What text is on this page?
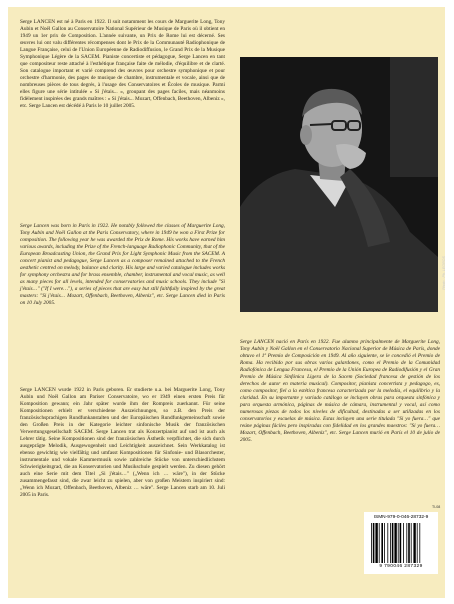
Serge LANCEN est né à Paris en 1922. Il suit notamment les cours de Marguerite Long, Tony Aubin et Noël Gallon au Conservatoire National Supérieur de Musique de Paris où il obtient en 1949 un 1er prix de Composition. L'année suivante, un Prix de Rome lui est décerné. Ses œuvres lui ont valu différentes récompenses dont le Prix de la Communauté Radiophonique de Langue Française, celui de l'Union Européenne de Radiodiffusion, le Grand Prix de la Musique Symphonique Légère de la SACEM. Pianiste concertiste et pédagogue, Serge Lancen en tant que compositeur reste attaché à l'esthétique française faite de mélodie, d'équilibre et de clarté. Son catalogue important et varié comprend des œuvres pour orchestre symphonique et pour orchestre d'harmonie, des pages de musique de chambre, instrumentale et vocale, ainsi que de nombreuses pièces de tous degrés, à l'usage des Conservatoires et Écoles de musique. Parmi elles figure une série intitulée « Si j'étais... », groupant des pages faciles, mais néanmoins fidèlement inspirées des grands maîtres : « Si j'étais... Mozart, Offenbach, Beethoven, Albeniz », etc. Serge Lancen est décédé à Paris le 10 juillet 2005.

Serge Lancen was born in Paris in 1922. He notably followed the classes of Marguerite Long, Tony Aubin and Noël Gallon at the Paris Conservatory, where in 1949 he won a First Prize for composition. The following year he was awarded the Prix de Rome. His works have earned him various awards, including the Prize of the French-language Radiophonic Community, that of the European Broadcasting Union, the Grand Prix for Light Symphonic Music from the SACEM. A concert pianist and pedagogue, Serge Lancen as a composer remained attached to the French aesthetic centred on melody, balance and clarity. His large and varied catalogue includes works for symphony orchestra and for brass ensemble, chamber, instrumental and vocal music, as well as many pieces for all levels, intended for conservatories and music schools. They include "Si j'étais…" ("If I were…"), a series of pieces that are easy but still faithfully inspired by the great masters: "Si j'étais… Mozart, Offenbach, Beethoven, Albeniz", etc. Serge Lancen died in Paris on 10 July 2005.

Serge LANCEN wurde 1922 in Paris geboren. Er studierte u.a. bei Marguerite Long, Tony Aubin und Noël Gallon am Pariser Conservatoire, wo er 1949 einen ersten Preis für Komposition gewann; ein Jahr später wurde ihm der Rompreis zuerkannt. Für seine Kompositionen erhielt er verschiedene Auszeichnungen, so z.B. den Preis der französischsprachigen Rundfunkanstalten und der Europäischen Rundfunkgemeinschaft sowie den Großen Preis in der Kategorie leichter sinfonische Musik der französischen Verwertungsgesellschaft SACEM. Serge Lancen trat als Konzertpianist auf und ist auch als Lehrer tätig. Seine Kompositionen sind der französischen Ästhetik verpflichtet, die sich durch ausgeprägte Melodik, Ausgewogenheit und Leichtigkeit auszeichnet. Sein Werkkatalog ist ebenso gewichtig wie vielfältig und umfasst Kompositionen für Sinfonie- und Blasorchester, instrumentale und vokale Kammermusik sowie zahlreiche Stücke von unterschiedlichstem Schwierigkeitsgrad, die an Konservatorien und Musikschule gespielt werden. Zu diesen gehört auch eine Serie mit dem Titel „Si j'étais…" („Wenn ich … wäre"), in der Stücke zusammengefasst sind, die zwar leicht zu spielen, aber von großen Meistern inspiriert sind: „Wenn ich Mozart, Offenbach, Beethoven, Albeniz … wäre". Serge Lancen starb am 10. Juli 2005 in Paris.

Photo : Ph. LEGROS

Serge LANCEN nació en París en 1922. Fue alumno principalmente de Marguerite Long, Tony Aubin y Noël Gallon en el Conservatorio Nacional Superior de Música de París, donde obtuvo el 1º Premio de Composición en 1949. Al año siguiente, se le concedió el Premio de Roma. Ha recibido por sus obras varios galardones, como el Premio de la Comunidad Radiofónica de Lengua Francesa, el Premio de la Unión Europea de Radiodifusión y el Gran Premio de Música Sinfónica Ligera de la Sacem (Sociedad francesa de gestión de los derechos de autor en materia musical). Compositor, pianista concertista y pedagogo, es, como compositor, fiel a la estética francesa caracterizada por la melodía, el equilibrio y la claridad. En su importante y variado catálogo se incluyen obras para orquesta sinfónica y para orquesta armónica, páginas de música de cámara, instrumental y vocal, así como numerosas piezas de todos los niveles de dificultad, destinadas a ser utilizadas en los conservatorios y escuelas de música. Estas incluyen una serie titulada "Si yo fuera…" que reúne páginas fáciles pero inspiradas con fidelidad en los grandes maestros: "Si yo fuera… Mozart, Offenbach, Beethoven, Albeniz", etc. Serge Lancen murió en París el 10 de julio de 2005.

Tl-08
ISMN-979-0-046-28732-9
9 790046 287329
